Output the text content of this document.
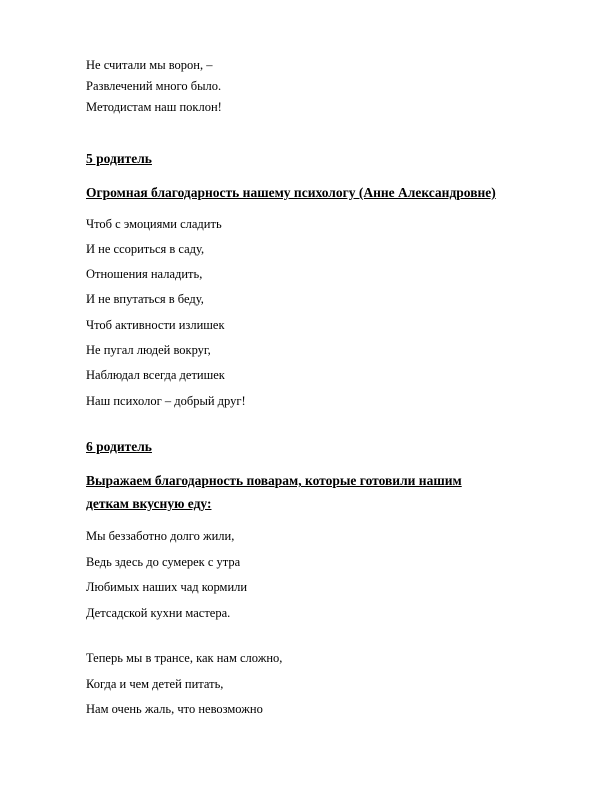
Не считали мы ворон, –
Развлечений много было.
Методистам наш поклон!
5 родитель
Огромная благодарность нашему психологу (Анне Александровне)
Чтоб с эмоциями сладить
И не ссориться в саду,
Отношения наладить,
И не впутаться в беду,
Чтоб активности излишек
Не пугал людей вокруг,
Наблюдал всегда детишек
Наш психолог – добрый друг!
6 родитель
Выражаем благодарность поварам, которые готовили нашим
деткам вкусную еду:
Мы беззаботно долго жили,
Ведь здесь до сумерек с утра
Любимых наших чад кормили
Детсадской кухни мастера.
Теперь мы в трансе, как нам сложно,
Когда и чем детей питать,
Нам очень жаль, что невозможно
